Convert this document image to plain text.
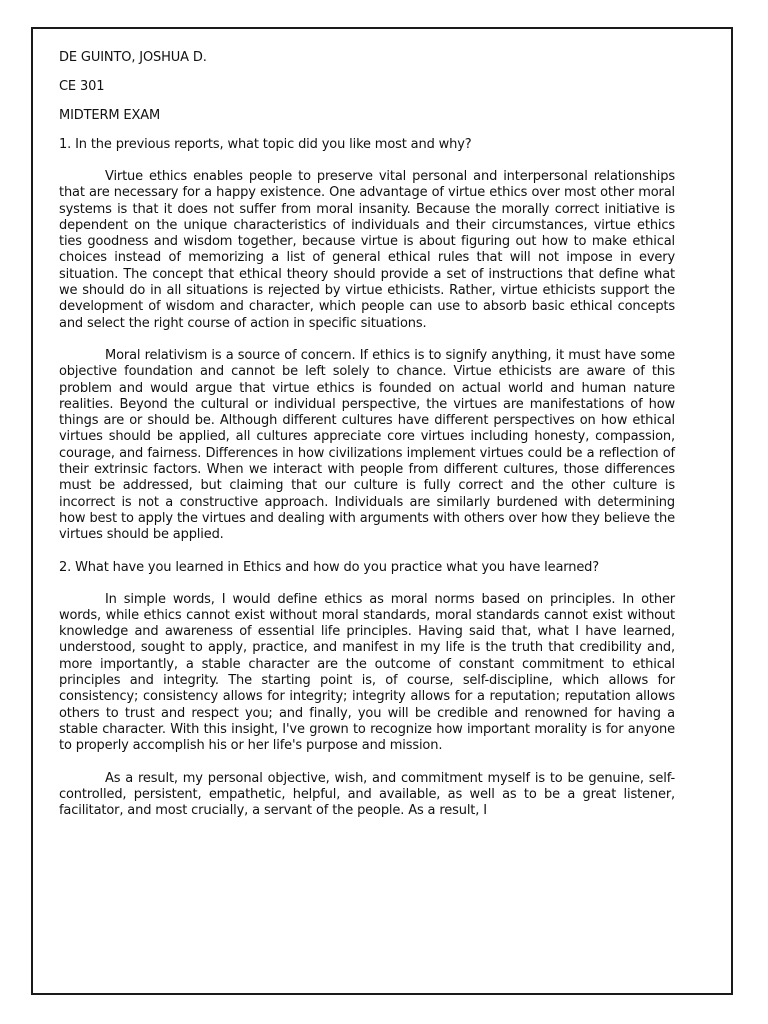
DE GUINTO, JOSHUA D.
CE 301
MIDTERM EXAM
1. In the previous reports, what topic did you like most and why?

Virtue ethics enables people to preserve vital personal and interpersonal relationships that are necessary for a happy existence. One advantage of virtue ethics over most other moral systems is that it does not suffer from moral insanity. Because the morally correct initiative is dependent on the unique characteristics of individuals and their circumstances, virtue ethics ties goodness and wisdom together, because virtue is about figuring out how to make ethical choices instead of memorizing a list of general ethical rules that will not impose in every situation. The concept that ethical theory should provide a set of instructions that define what we should do in all situations is rejected by virtue ethicists. Rather, virtue ethicists support the development of wisdom and character, which people can use to absorb basic ethical concepts and select the right course of action in specific situations.

Moral relativism is a source of concern. If ethics is to signify anything, it must have some objective foundation and cannot be left solely to chance. Virtue ethicists are aware of this problem and would argue that virtue ethics is founded on actual world and human nature realities. Beyond the cultural or individual perspective, the virtues are manifestations of how things are or should be. Although different cultures have different perspectives on how ethical virtues should be applied, all cultures appreciate core virtues including honesty, compassion, courage, and fairness. Differences in how civilizations implement virtues could be a reflection of their extrinsic factors. When we interact with people from different cultures, those differences must be addressed, but claiming that our culture is fully correct and the other culture is incorrect is not a constructive approach. Individuals are similarly burdened with determining how best to apply the virtues and dealing with arguments with others over how they believe the virtues should be applied.

2. What have you learned in Ethics and how do you practice what you have learned?

In simple words, I would define ethics as moral norms based on principles. In other words, while ethics cannot exist without moral standards, moral standards cannot exist without knowledge and awareness of essential life principles. Having said that, what I have learned, understood, sought to apply, practice, and manifest in my life is the truth that credibility and, more importantly, a stable character are the outcome of constant commitment to ethical principles and integrity. The starting point is, of course, self-discipline, which allows for consistency; consistency allows for integrity; integrity allows for a reputation; reputation allows others to trust and respect you; and finally, you will be credible and renowned for having a stable character. With this insight, I've grown to recognize how important morality is for anyone to properly accomplish his or her life's purpose and mission.

As a result, my personal objective, wish, and commitment myself is to be genuine, self-controlled, persistent, empathetic, helpful, and available, as well as to be a great listener, facilitator, and most crucially, a servant of the people. As a result, I
